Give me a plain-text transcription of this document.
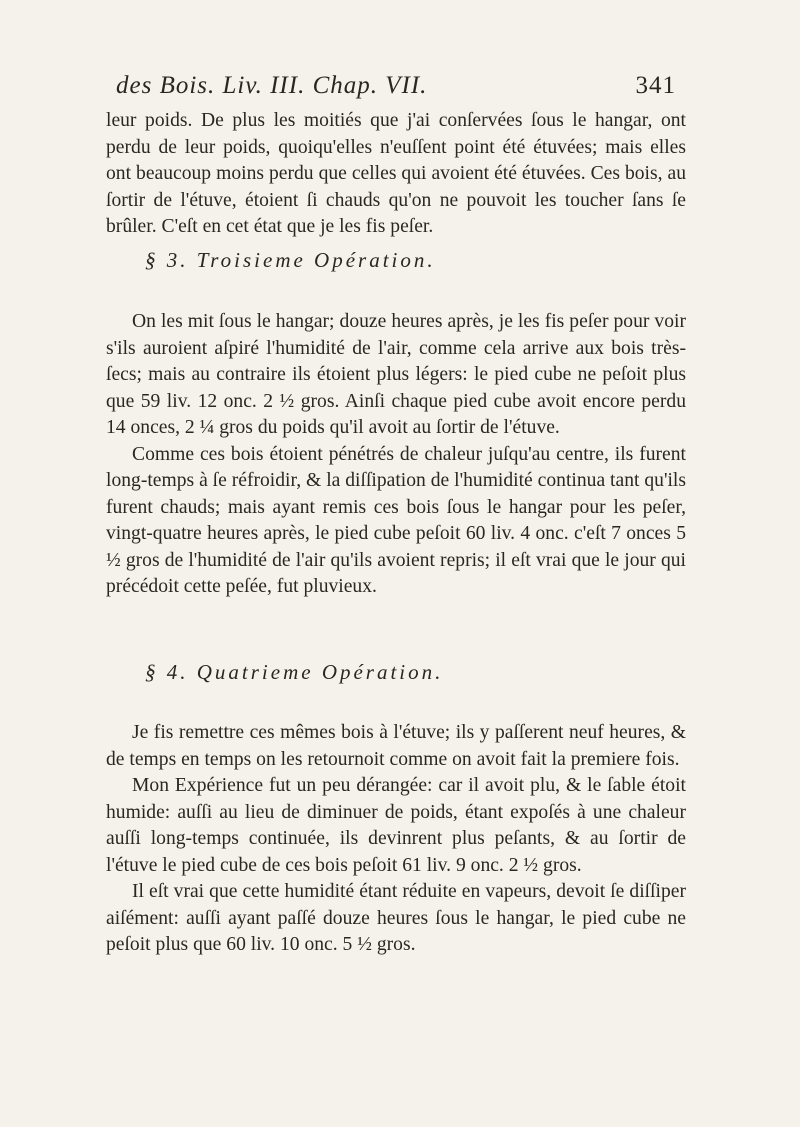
des Bois. Liv. III. Chap. VII.	341

leur poids. De plus les moitiés que j'ai conſervées ſous le hangar, ont perdu de leur poids, quoiqu'elles n'euſſent point été étuvées; mais elles ont beaucoup moins perdu que celles qui avoient été étuvées. Ces bois, au ſortir de l'étuve, étoient ſi chauds qu'on ne pouvoit les toucher ſans ſe brûler. C'eſt en cet état que je les fis peſer.

§ 3. Troisieme Opération.

On les mit ſous le hangar; douze heures après, je les fis peſer pour voir s'ils auroient aſpiré l'humidité de l'air, comme cela arrive aux bois très-ſecs; mais au contraire ils étoient plus légers: le pied cube ne peſoit plus que 59 liv. 12 onc. 2 ½ gros. Ainſi chaque pied cube avoit encore perdu 14 onces, 2 ¼ gros du poids qu'il avoit au ſortir de l'étuve.

Comme ces bois étoient pénétrés de chaleur juſqu'au centre, ils furent long-temps à ſe réfroidir, & la diſſipation de l'humidité continua tant qu'ils furent chauds; mais ayant remis ces bois ſous le hangar pour les peſer, vingt-quatre heures après, le pied cube peſoit 60 liv. 4 onc. c'eſt 7 onces 5 ½ gros de l'humidité de l'air qu'ils avoient repris; il eſt vrai que le jour qui précédoit cette peſée, fut pluvieux.

§ 4. Quatrieme Opération.

Je fis remettre ces mêmes bois à l'étuve; ils y paſſerent neuf heures, & de temps en temps on les retournoit comme on avoit fait la premiere fois.

Mon Expérience fut un peu dérangée: car il avoit plu, & le ſable étoit humide: auſſi au lieu de diminuer de poids, étant expoſés à une chaleur auſſi long-temps continuée, ils devinrent plus peſants, & au ſortir de l'étuve le pied cube de ces bois peſoit 61 liv. 9 onc. 2 ½ gros.

Il eſt vrai que cette humidité étant réduite en vapeurs, devoit ſe diſſiper aiſément: auſſi ayant paſſé douze heures ſous le hangar, le pied cube ne peſoit plus que 60 liv. 10 onc. 5 ½ gros.
